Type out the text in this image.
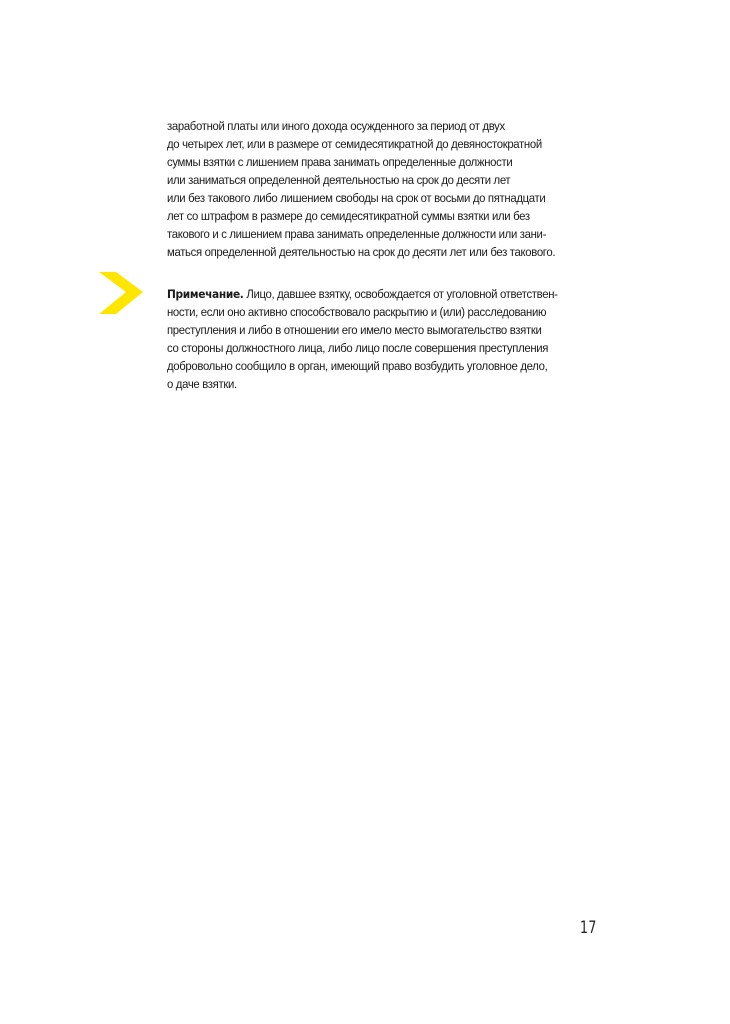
заработной платы или иного дохода осужденного за период от двух
до четырех лет, или в размере от семидесятикратной до девяностократной
суммы взятки с лишением права занимать определенные должности
или заниматься определенной деятельностью на срок до десяти лет
или без такового либо лишением свободы на срок от восьми до пятнадцати
лет со штрафом в размере до семидесятикратной суммы взятки или без
такового и с лишением права занимать определенные должности или зани-
маться определенной деятельностью на срок до десяти лет или без такового.
Примечание. Лицо, давшее взятку, освобождается от уголовной ответствен-
ности, если оно активно способствовало раскрытию и (или) расследованию
преступления и либо в отношении его имело место вымогательство взятки
со стороны должностного лица, либо лицо после совершения преступления
добровольно сообщило в орган, имеющий право возбудить уголовное дело,
о даче взятки.
17
